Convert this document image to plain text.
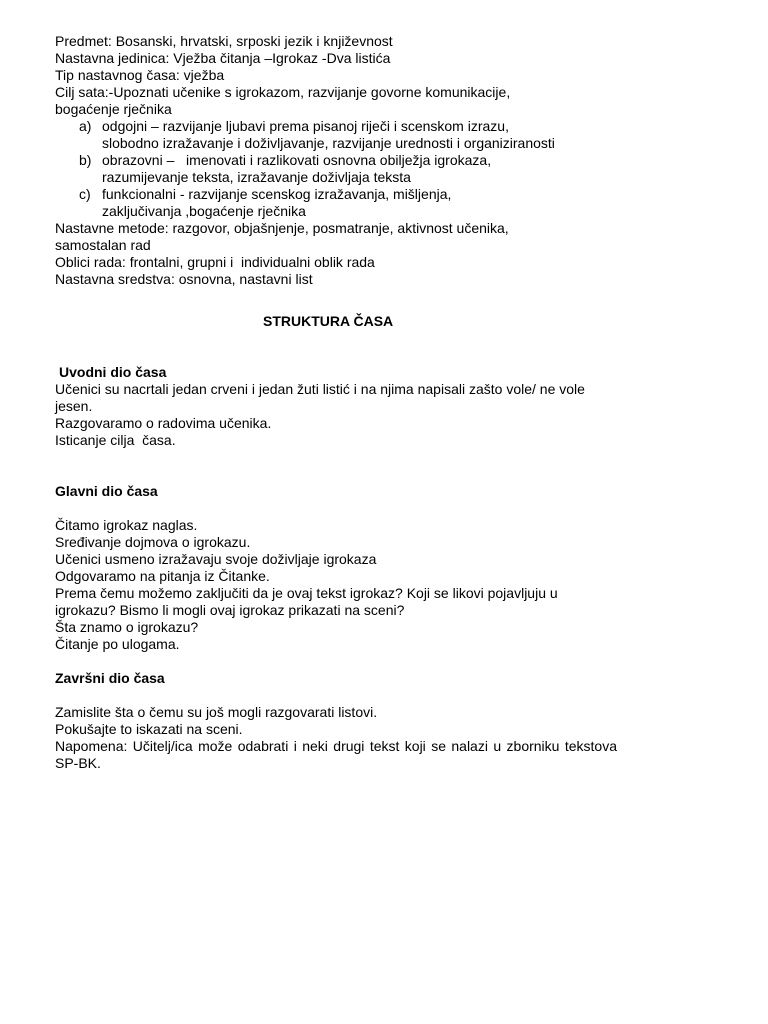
Predmet: Bosanski, hrvatski, srposki jezik i književnost
Nastavna jedinica: Vježba čitanja –Igrokaz -Dva listića
Tip nastavnog časa: vježba
Cilj sata:-Upoznati učenike s igrokazom, razvijanje govorne komunikacije,
bogaćenje rječnika
a) odgojni – razvijanje ljubavi prema pisanoj riječi i scenskom izrazu,
slobodno izražavanje i doživljavanje, razvijanje urednosti i organiziranosti
b) obrazovni –   imenovati i razlikovati osnovna obilježja igrokaza,
razumijevanje teksta, izražavanje doživljaja teksta
c) funkcionalni - razvijanje scenskog izražavanja, mišljenja,
zaključivanja ,bogaćenje rječnika
Nastavne metode: razgovor, objašnjenje, posmatranje, aktivnost učenika,
samostalan rad
Oblici rada: frontalni, grupni i  individualni oblik rada
Nastavna sredstva: osnovna, nastavni list
STRUKTURA ČASA
Uvodni dio časa
Učenici su nacrtali jedan crveni i jedan žuti listić i na njima napisali zašto vole/ ne vole jesen.
Razgovaramo o radovima učenika.
Isticanje cilja  časa.
Glavni dio časa
Čitamo igrokaz naglas.
Sređivanje dojmova o igrokazu.
Učenici usmeno izražavaju svoje doživljaje igrokaza
Odgovaramo na pitanja iz Čitanke.
Prema čemu možemo zaključiti da je ovaj tekst igrokaz? Koji se likovi pojavljuju u igrokazu? Bismo li mogli ovaj igrokaz prikazati na sceni?
Šta znamo o igrokazu?
Čitanje po ulogama.
Završni dio časa
Zamislite šta o čemu su još mogli razgovarati listovi.
Pokušajte to iskazati na sceni.
Napomena: Učitelj/ica može odabrati i neki drugi tekst koji se nalazi u zborniku tekstova SP-BK.
